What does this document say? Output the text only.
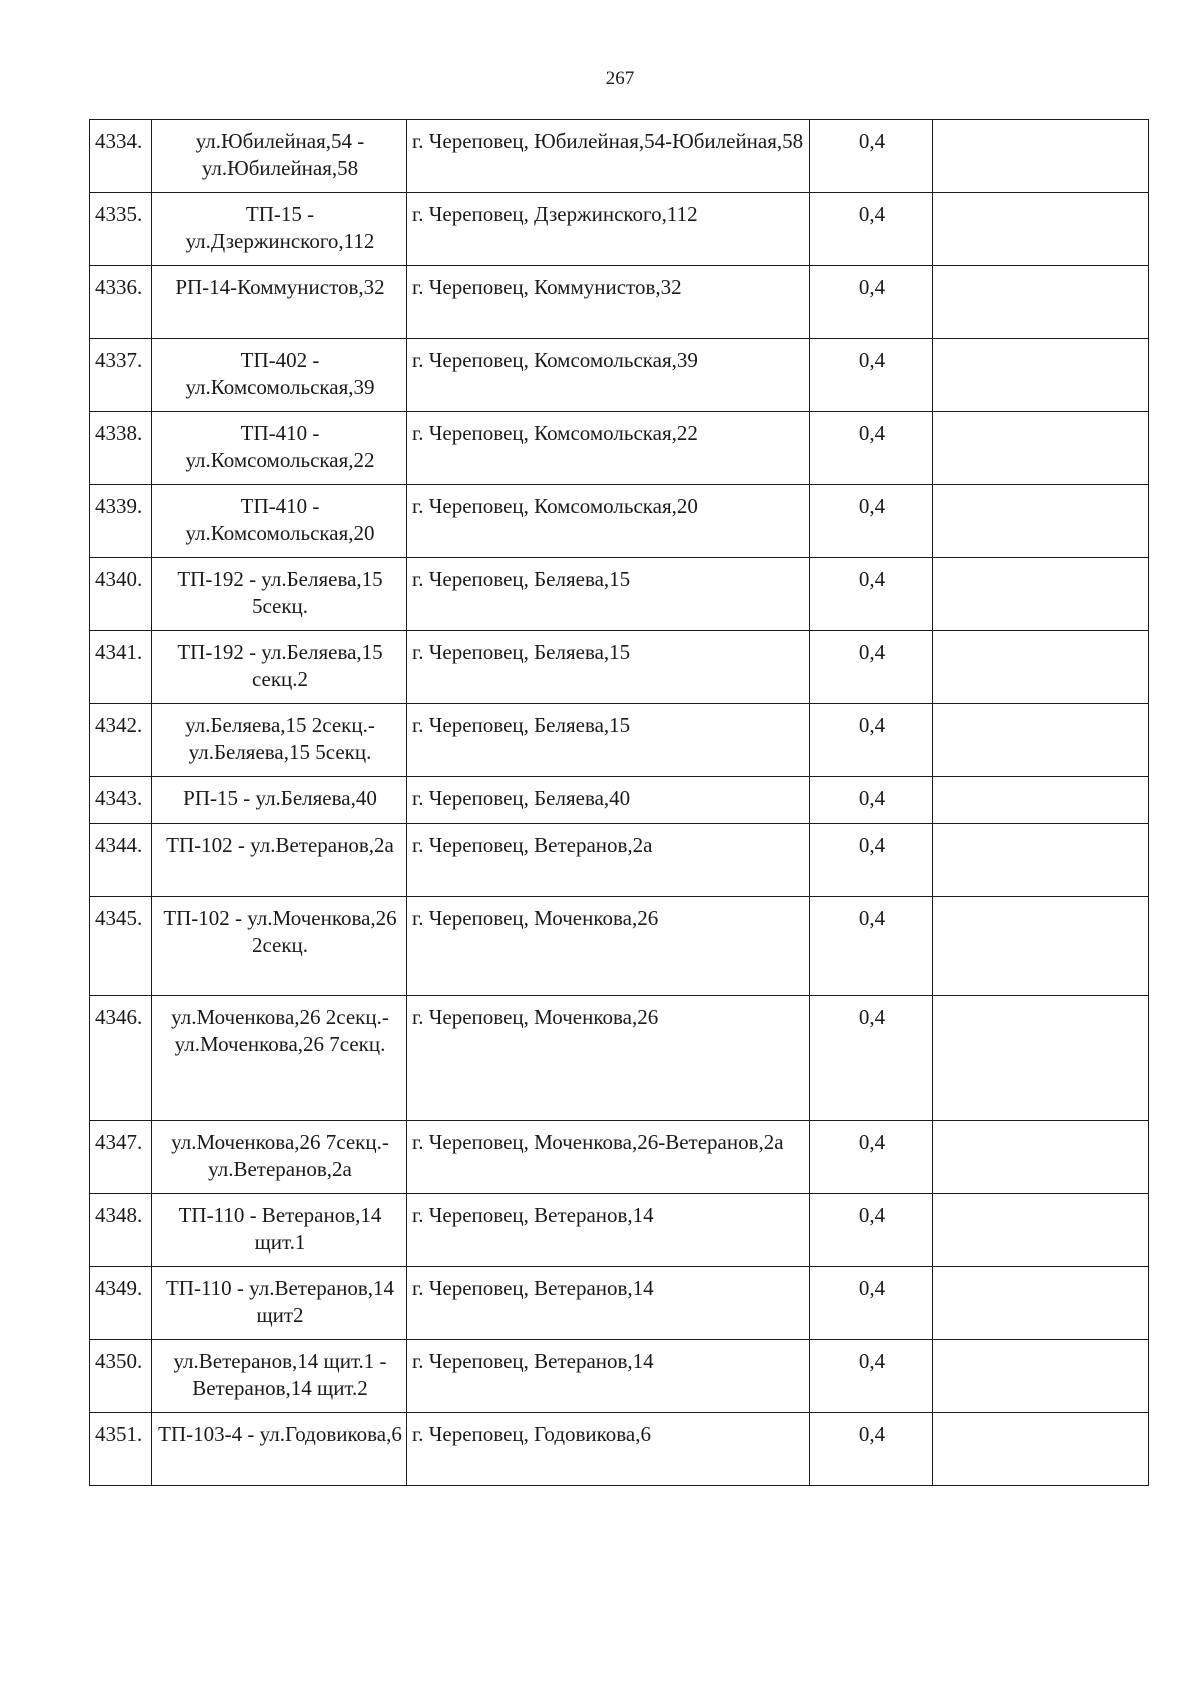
267
4334.	ул.Юбилейная,54 - ул.Юбилейная,58	г. Череповец, Юбилейная,54-Юбилейная,58	0,4	
4335.	ТП-15 - ул.Дзержинского,112	г. Череповец, Дзержинского,112	0,4	
4336.	РП-14-Коммунистов,32	г. Череповец, Коммунистов,32	0,4	
4337.	ТП-402 - ул.Комсомольская,39	г. Череповец, Комсомольская,39	0,4	
4338.	ТП-410 - ул.Комсомольская,22	г. Череповец, Комсомольская,22	0,4	
4339.	ТП-410 - ул.Комсомольская,20	г. Череповец, Комсомольская,20	0,4	
4340.	ТП-192 - ул.Беляева,15 5секц.	г. Череповец, Беляева,15	0,4	
4341.	ТП-192 - ул.Беляева,15 секц.2	г. Череповец, Беляева,15	0,4	
4342.	ул.Беляева,15 2секц.- ул.Беляева,15 5секц.	г. Череповец, Беляева,15	0,4	
4343.	РП-15 - ул.Беляева,40	г. Череповец, Беляева,40	0,4	
4344.	ТП-102 - ул.Ветеранов,2а	г. Череповец, Ветеранов,2а	0,4	
4345.	ТП-102 - ул.Моченкова,26 2секц.	г. Череповец, Моченкова,26	0,4	
4346.	ул.Моченкова,26 2секц.- ул.Моченкова,26 7секц.	г. Череповец, Моченкова,26	0,4	
4347.	ул.Моченкова,26 7секц.-ул.Ветеранов,2а	г. Череповец, Моченкова,26-Ветеранов,2а	0,4	
4348.	ТП-110 - Ветеранов,14 щит.1	г. Череповец, Ветеранов,14	0,4	
4349.	ТП-110 - ул.Ветеранов,14 щит2	г. Череповец, Ветеранов,14	0,4	
4350.	ул.Ветеранов,14 щит.1 - Ветеранов,14 щит.2	г. Череповец, Ветеранов,14	0,4	
4351.	ТП-103-4 - ул.Годовикова,6	г. Череповец, Годовикова,6	0,4	
